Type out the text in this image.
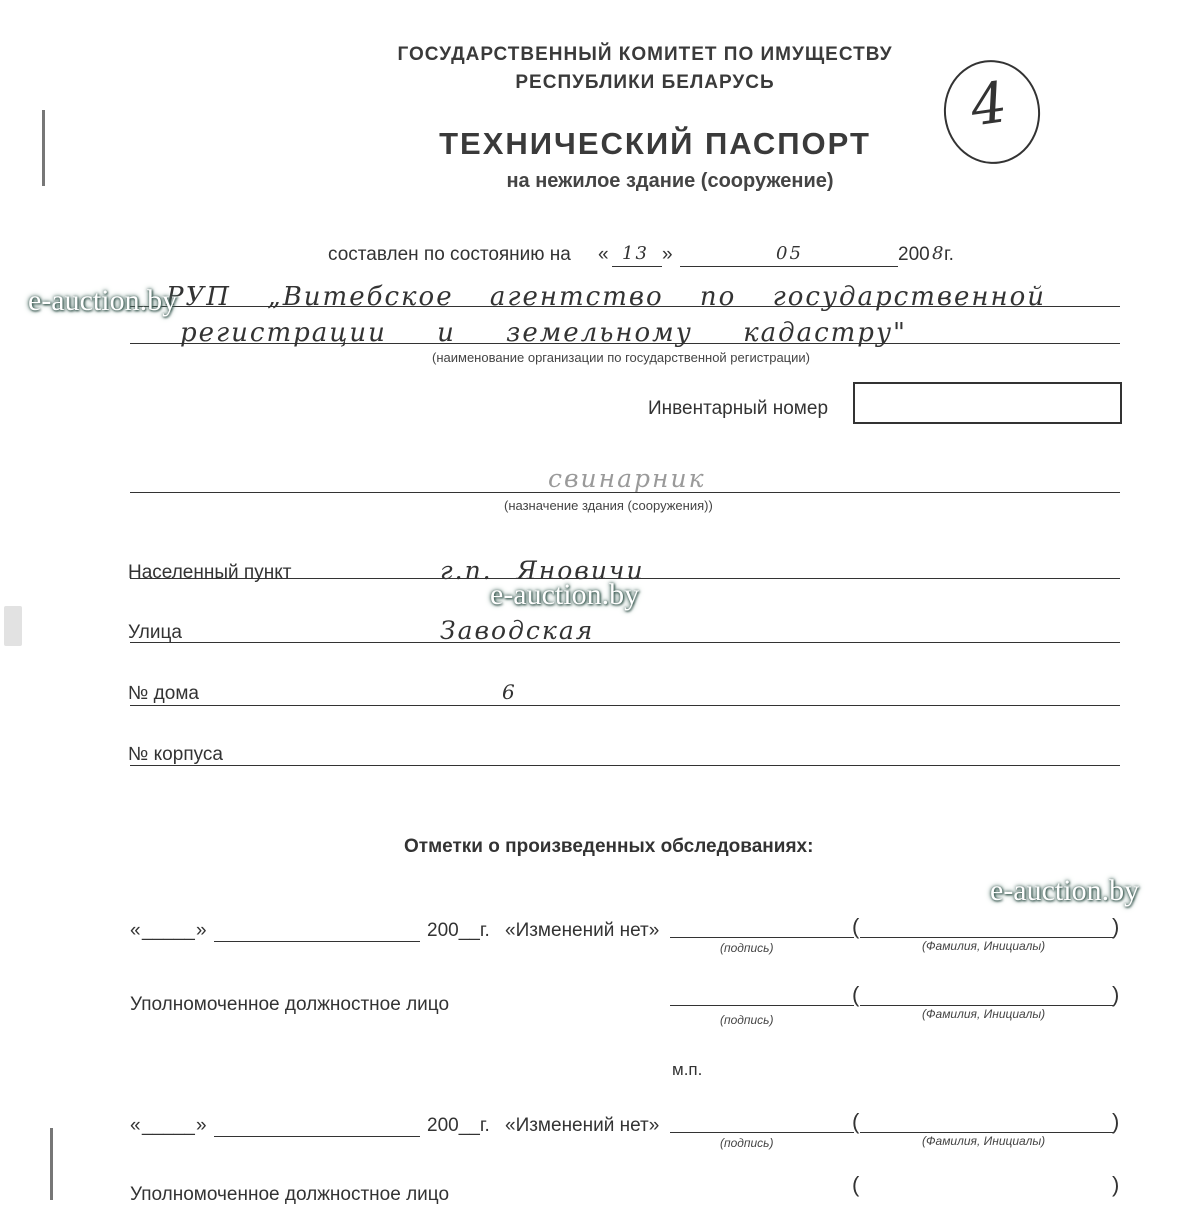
ГОСУДАРСТВЕННЫЙ КОМИТЕТ ПО ИМУЩЕСТВУ
РЕСПУБЛИКИ БЕЛАРУСЬ
ТЕХНИЧЕСКИЙ ПАСПОРТ
на нежилое здание (сооружение)
4
составлен по состоянию на « 13 »	05	200 8
г.
РУП „Витебское агентство по государственной
регистрации и земельному кадастру"
(наименование организации по государственной регистрации)
Инвентарный номер
свинарник
(назначение здания (сооружения))
Населенный пункт	г.п. Яновичи
Улица	Заводская
№ дома	6
№ корпуса
Отметки о произведенных обследованиях:
« _____ »	200__г. «Изменений нет»
(подпись)
(	)
(Фамилия, Инициалы)
Уполномоченное должностное лицо
(подпись)
(	)
(Фамилия, Инициалы)
м.п.
« _____ »	200__г. «Изменений нет»
(подпись)
(	)
(Фамилия, Инициалы)
Уполномоченное должностное лицо	(	)
e-auction.by
e-auction.by
e-auction.by
